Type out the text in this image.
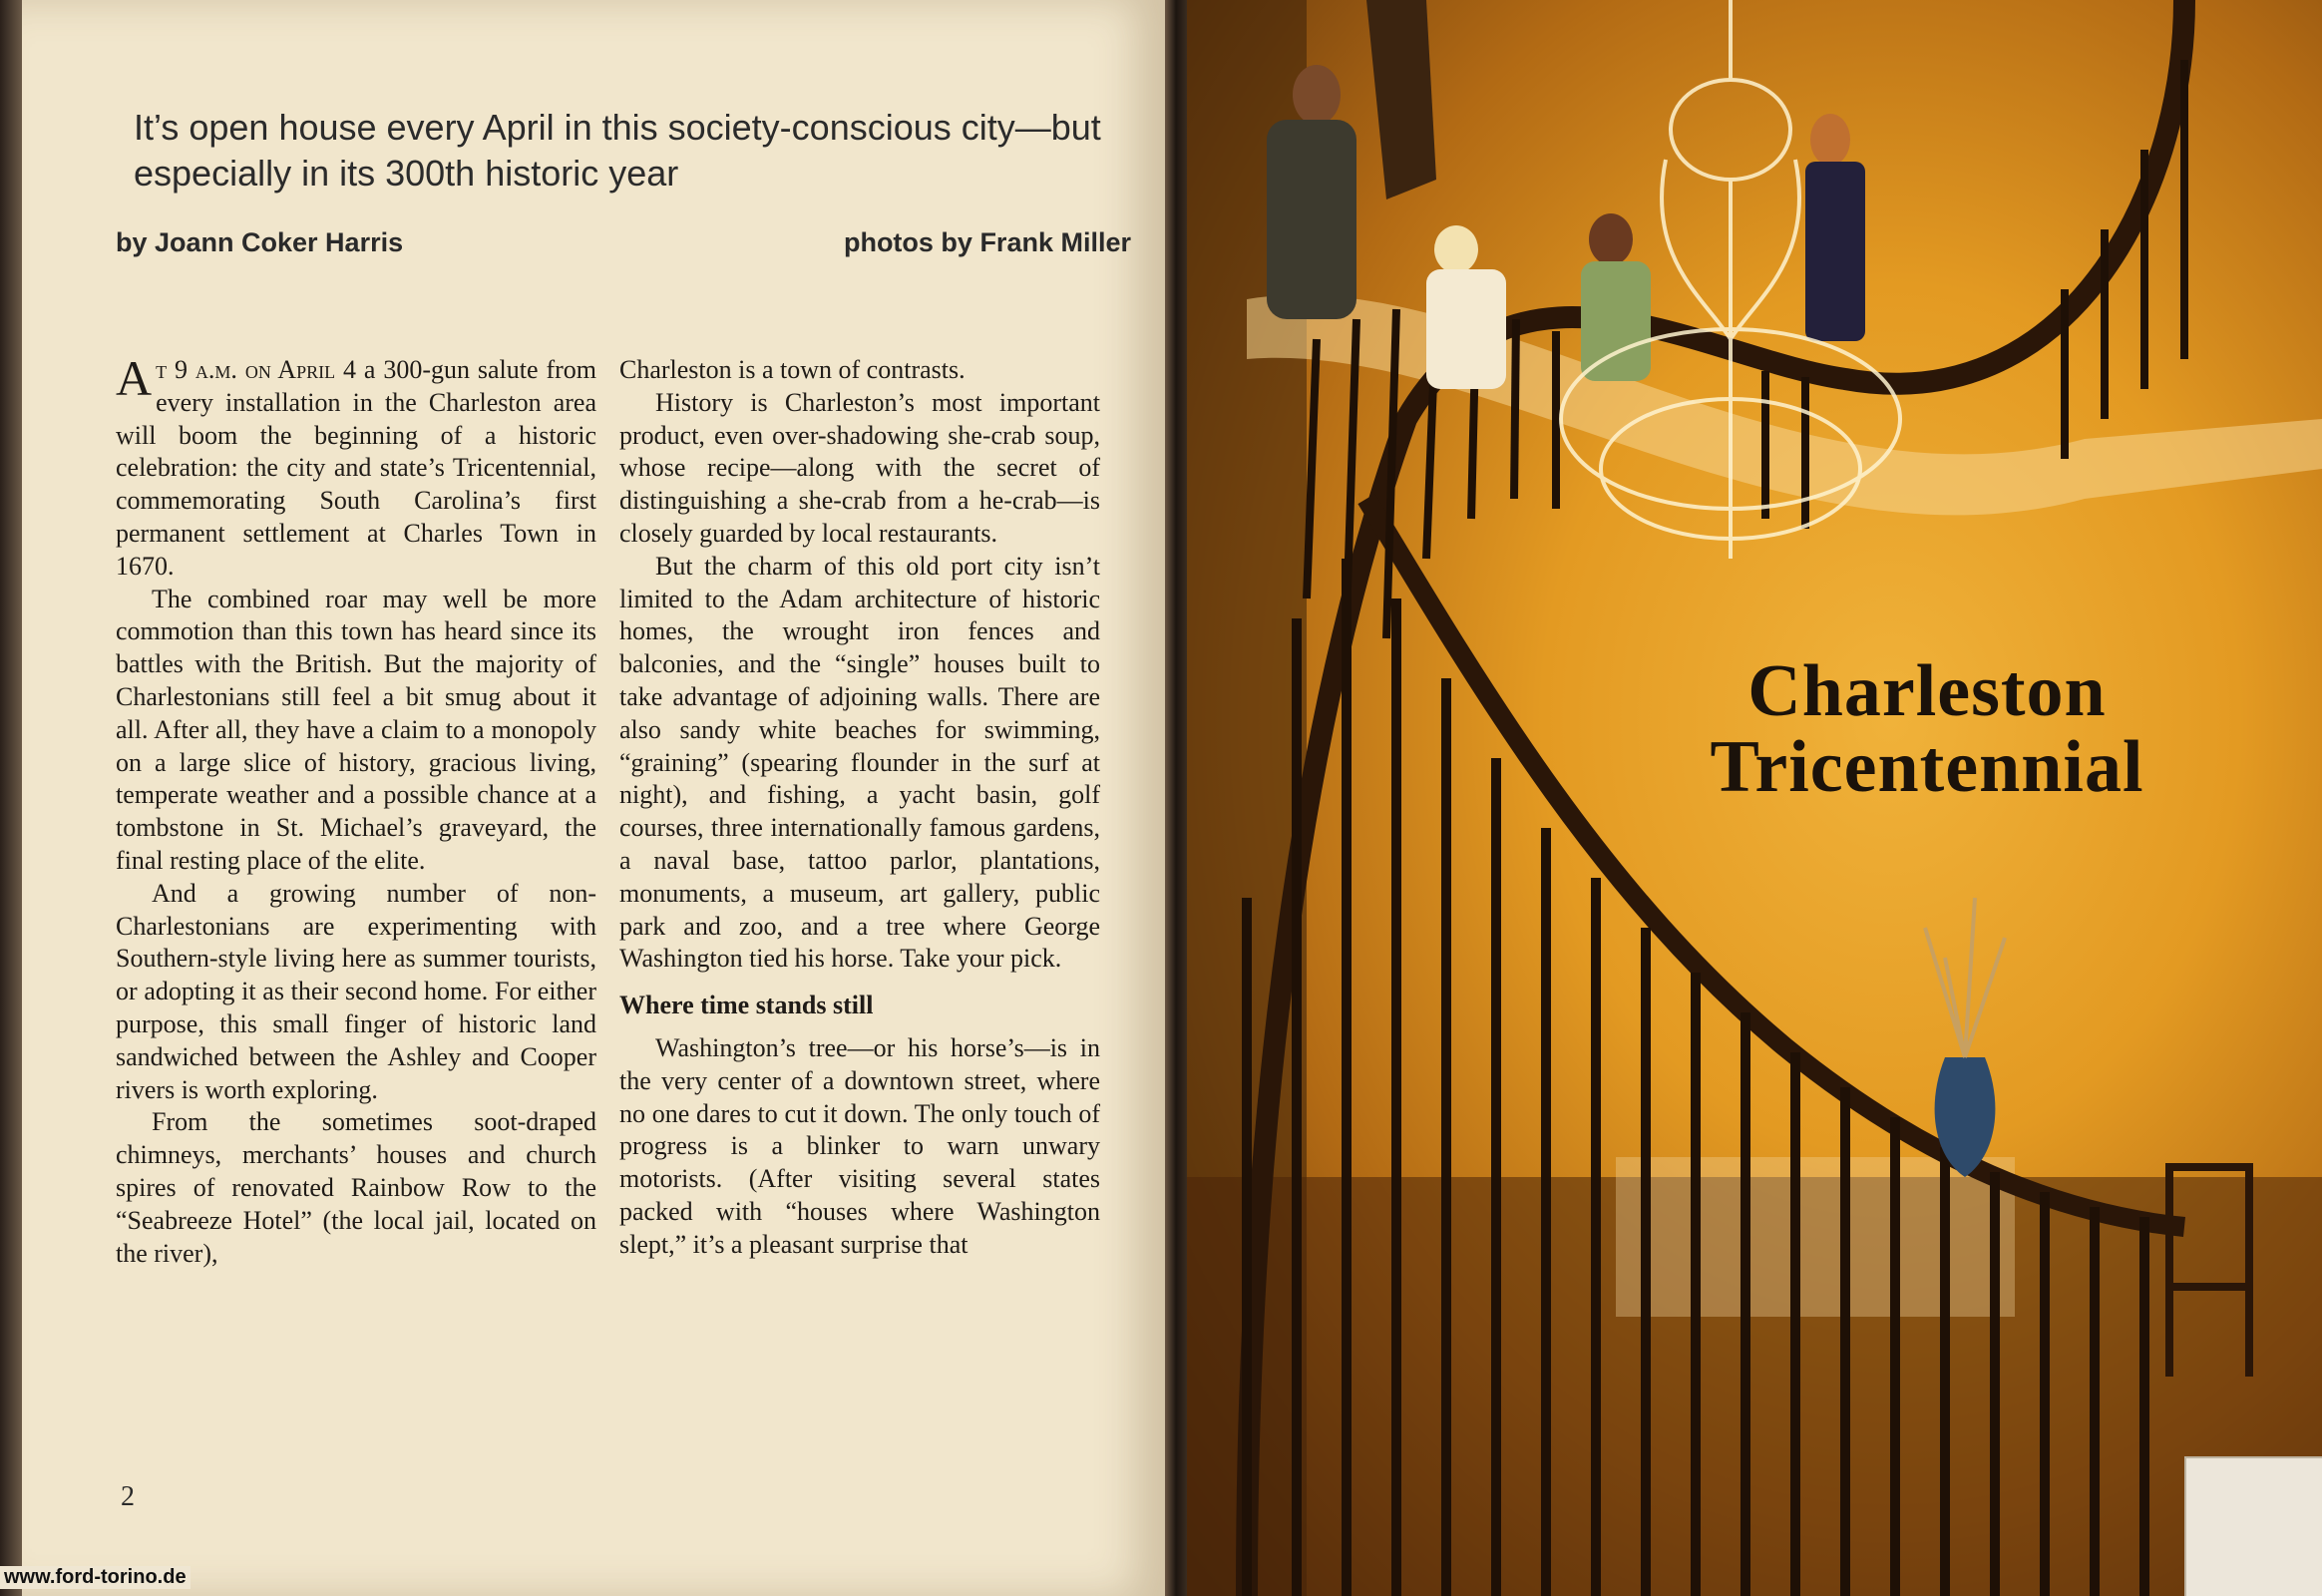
It’s open house every April in this society-conscious city—but especially in its 300th historic year
by Joann Coker Harris	photos by Frank Miller

At 9 a.m. on April 4 a 300-gun salute from every installation in the Charleston area will boom the beginning of a historic celebration: the city and state’s Tricentennial, commemorating South Carolina’s first permanent settlement at Charles Town in 1670.

The combined roar may well be more commotion than this town has heard since its battles with the British. But the majority of Charlestonians still feel a bit smug about it all. After all, they have a claim to a monopoly on a large slice of history, gracious living, temperate weather and a possible chance at a tombstone in St. Michael’s graveyard, the final resting place of the elite.

And a growing number of non-Charlestonians are experimenting with Southern-style living here as summer tourists, or adopting it as their second home. For either purpose, this small finger of historic land sandwiched between the Ashley and Cooper rivers is worth exploring.

From the sometimes soot-draped chimneys, merchants’ houses and church spires of renovated Rainbow Row to the “Seabreeze Hotel” (the local jail, located on the river),

Charleston is a town of contrasts.

History is Charleston’s most important product, even over-shadowing she-crab soup, whose recipe—along with the secret of distinguishing a she-crab from a he-crab—is closely guarded by local restaurants.

But the charm of this old port city isn’t limited to the Adam architecture of historic homes, the wrought iron fences and balconies, and the “single” houses built to take advantage of adjoining walls. There are also sandy white beaches for swimming, “graining” (spearing flounder in the surf at night), and fishing, a yacht basin, golf courses, three internationally famous gardens, a naval base, tattoo parlor, plantations, monuments, a museum, art gallery, public park and zoo, and a tree where George Washington tied his horse. Take your pick.

Where time stands still

Washington’s tree—or his horse’s—is in the very center of a downtown street, where no one dares to cut it down. The only touch of progress is a blinker to warn unwary motorists. (After visiting several states packed with “houses where Washington slept,” it’s a pleasant surprise that

2
Charleston
Tricentennial
www.ford-torino.de
